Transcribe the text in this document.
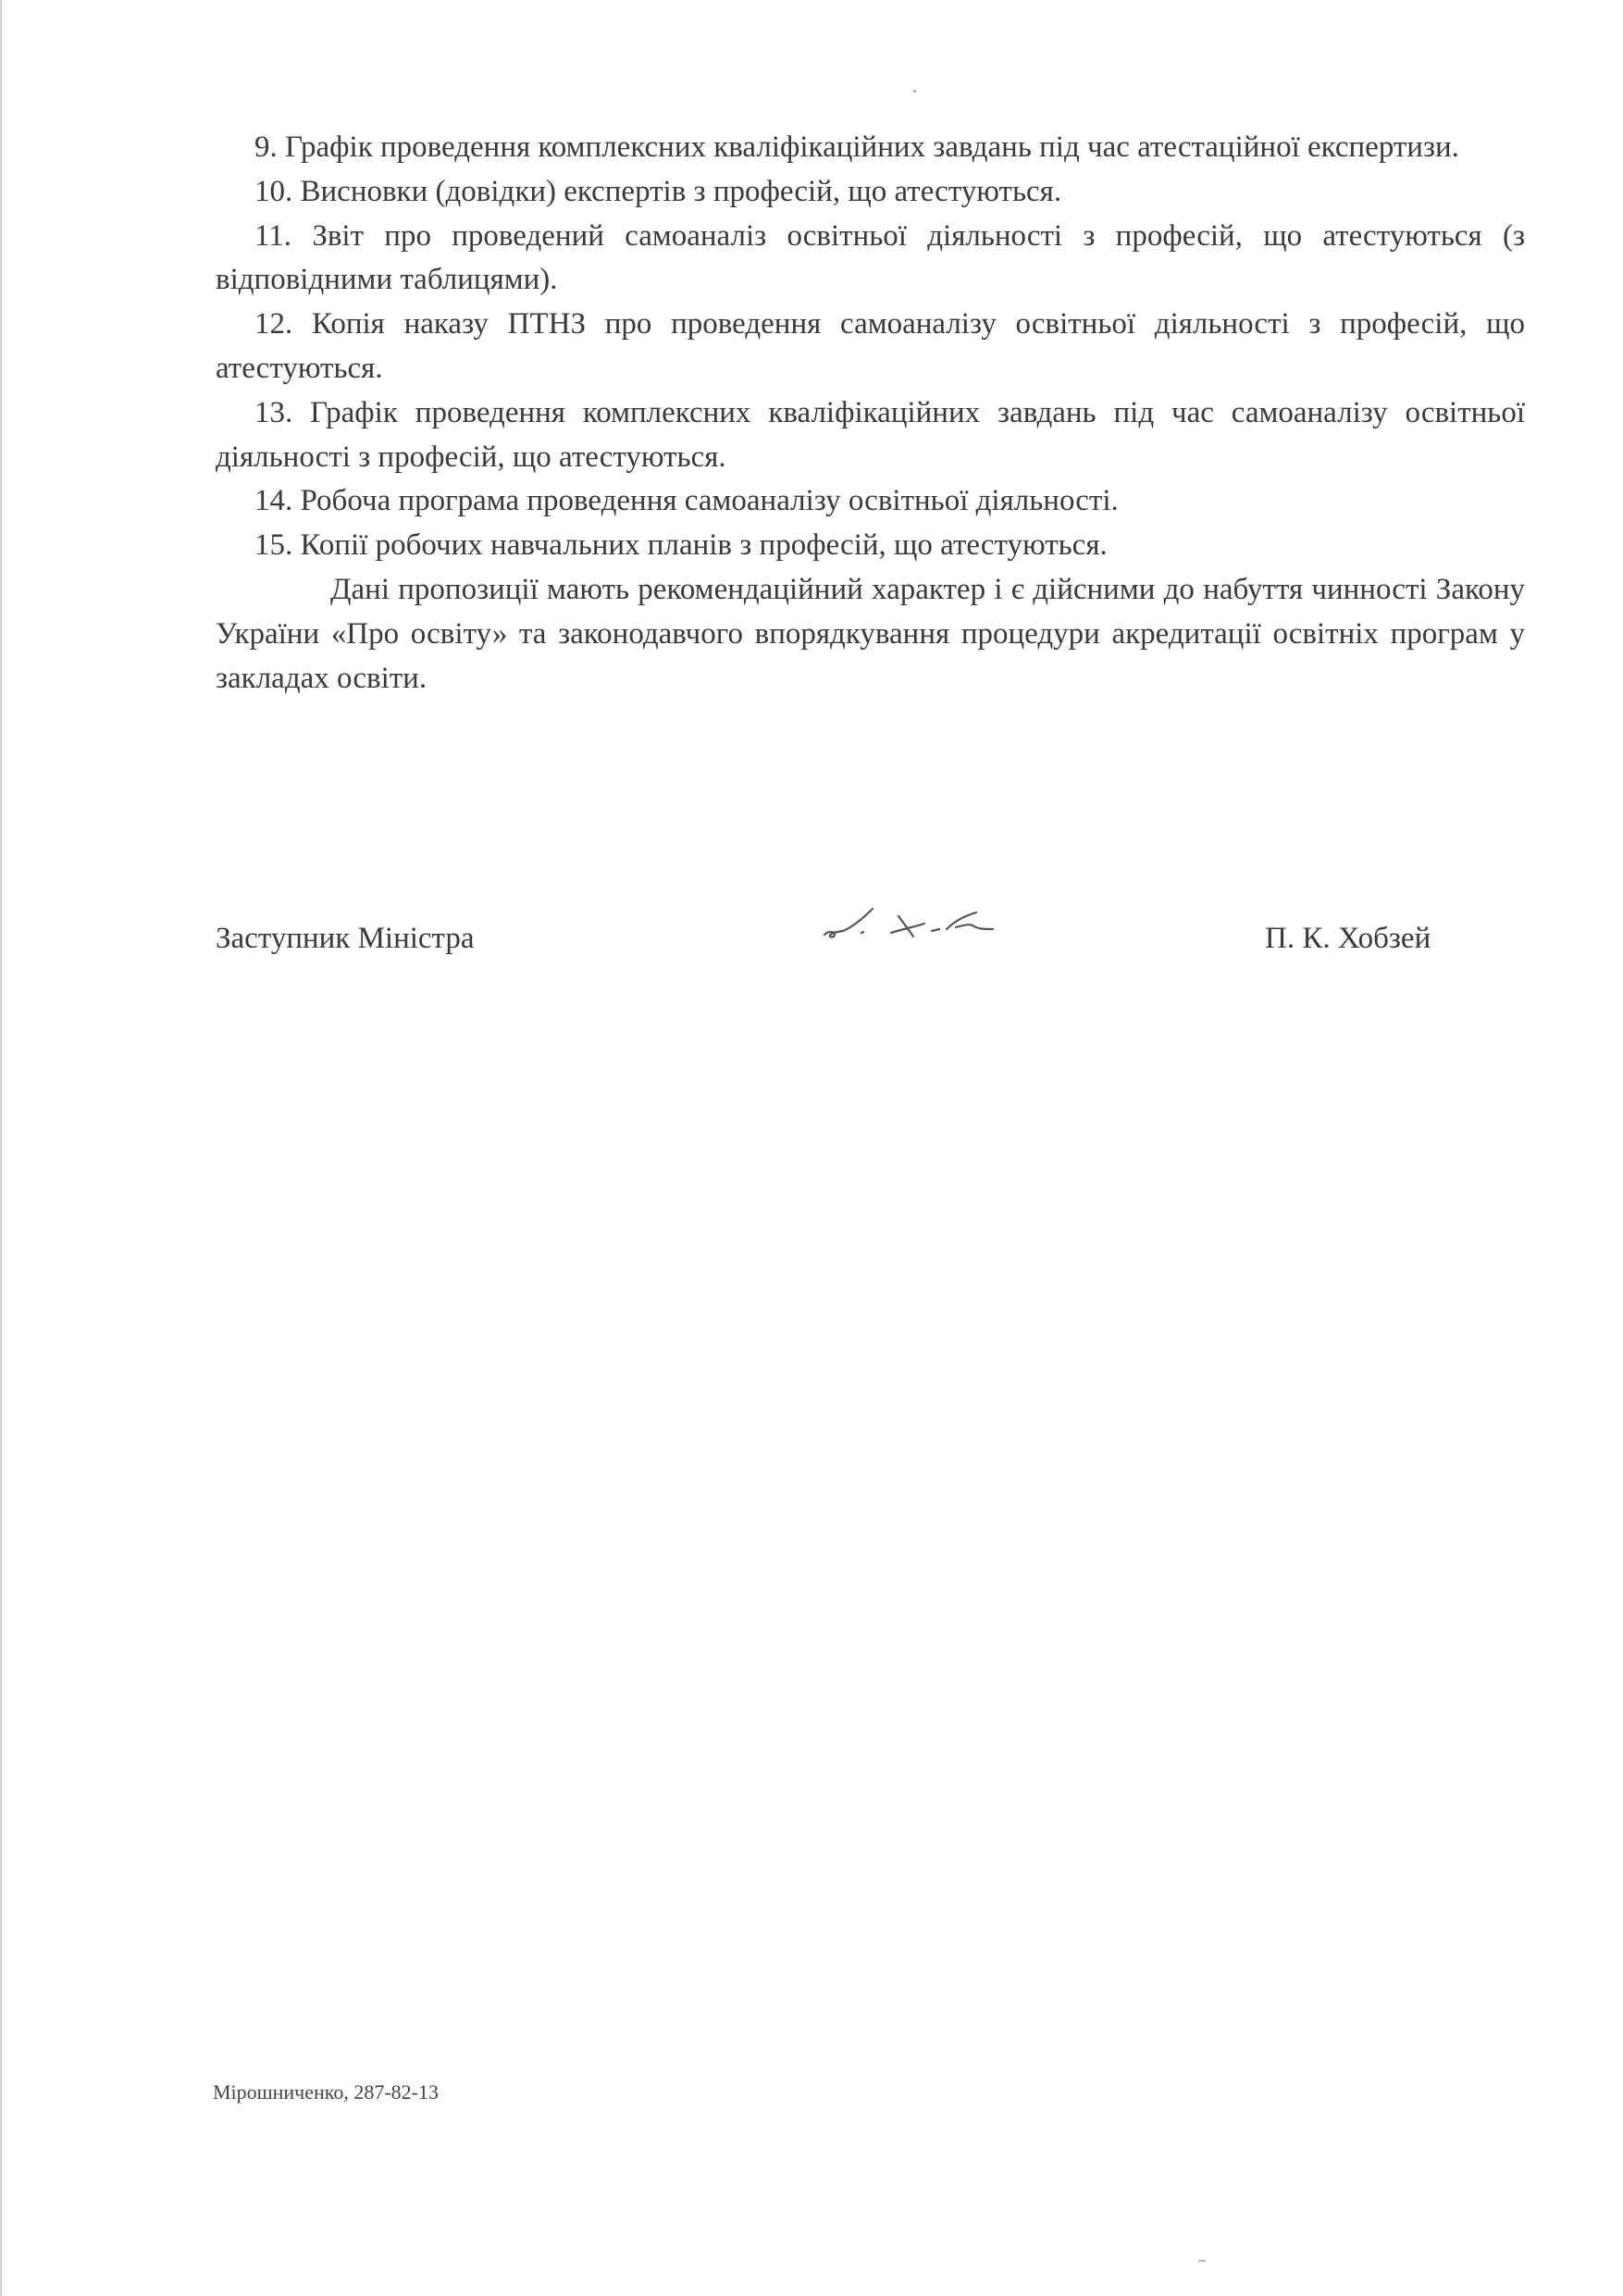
9. Графік проведення комплексних кваліфікаційних завдань під час атестаційної експертизи.

10. Висновки (довідки) експертів з професій, що атестуються.

11. Звіт про проведений самоаналіз освітньої діяльності з професій, що атестуються (з відповідними таблицями).

12. Копія наказу ПТНЗ про проведення самоаналізу освітньої діяльності з професій, що атестуються.

13. Графік проведення комплексних кваліфікаційних завдань під час самоаналізу освітньої діяльності з професій, що атестуються.

14. Робоча програма проведення самоаналізу освітньої діяльності.

15. Копії робочих навчальних планів з професій, що атестуються.

Дані пропозиції мають рекомендаційний характер і є дійсними до набуття чинності Закону України «Про освіту» та законодавчого впорядкування процедури акредитації освітніх програм у закладах освіти.

Заступник Міністра	П. К. Хобзей
Мірошниченко, 287-82-13
